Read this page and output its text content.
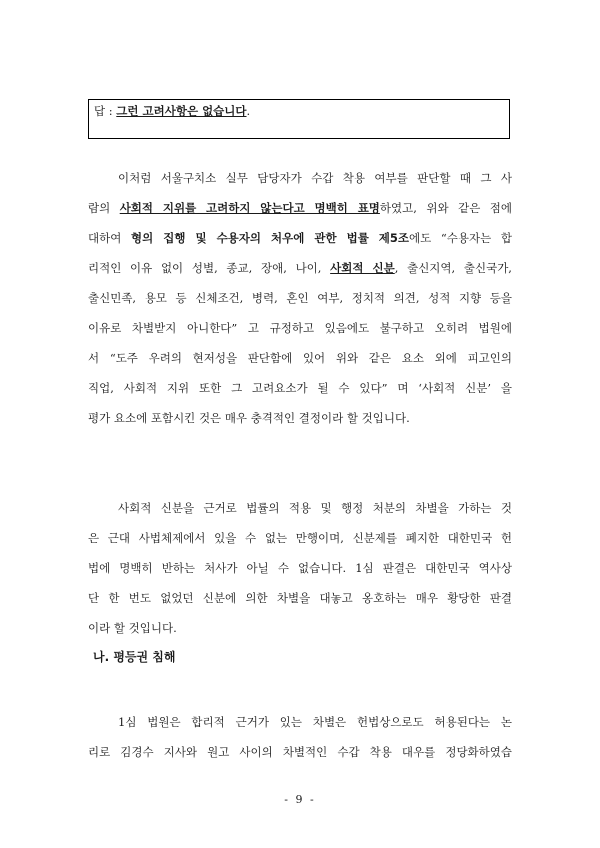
답 : 그런 고려사항은 없습니다.
이처럼 서울구치소 실무 담당자가 수갑 착용 여부를 판단할 때 그 사
람의 사회적 지위를 고려하지 않는다고 명백히 표명하였고, 위와 같은 점에
대하여 형의 집행 및 수용자의 처우에 관한 법률 제5조에도 “수용자는 합
리적인 이유 없이 성별, 종교, 장애, 나이, 사회적 신분, 출신지역, 출신국가,
출신민족, 용모 등 신체조건, 병력, 혼인 여부, 정치적 의견, 성적 지향 등을
이유로 차별받지 아니한다” 고 규정하고 있음에도 불구하고 오히려 법원에
서 “도주 우려의 현저성을 판단함에 있어 위와 같은 요소 외에 피고인의
직업, 사회적 지위 또한 그 고려요소가 될 수 있다” 며 ‘사회적 신분’ 을
평가 요소에 포함시킨 것은 매우 충격적인 결정이라 할 것입니다.
사회적 신분을 근거로 법률의 적용 및 행정 처분의 차별을 가하는 것
은 근대 사법체제에서 있을 수 없는 만행이며, 신분제를 폐지한 대한민국 헌
법에 명백히 반하는 처사가 아닐 수 없습니다. 1심 판결은 대한민국 역사상
단 한 번도 없었던 신분에 의한 차별을 대놓고 옹호하는 매우 황당한 판결
이라 할 것입니다.
나. 평등권 침해
1심 법원은 합리적 근거가 있는 차별은 헌법상으로도 허용된다는 논
리로 김경수 지사와 원고 사이의 차별적인 수갑 착용 대우를 정당화하였습
- 9 -
